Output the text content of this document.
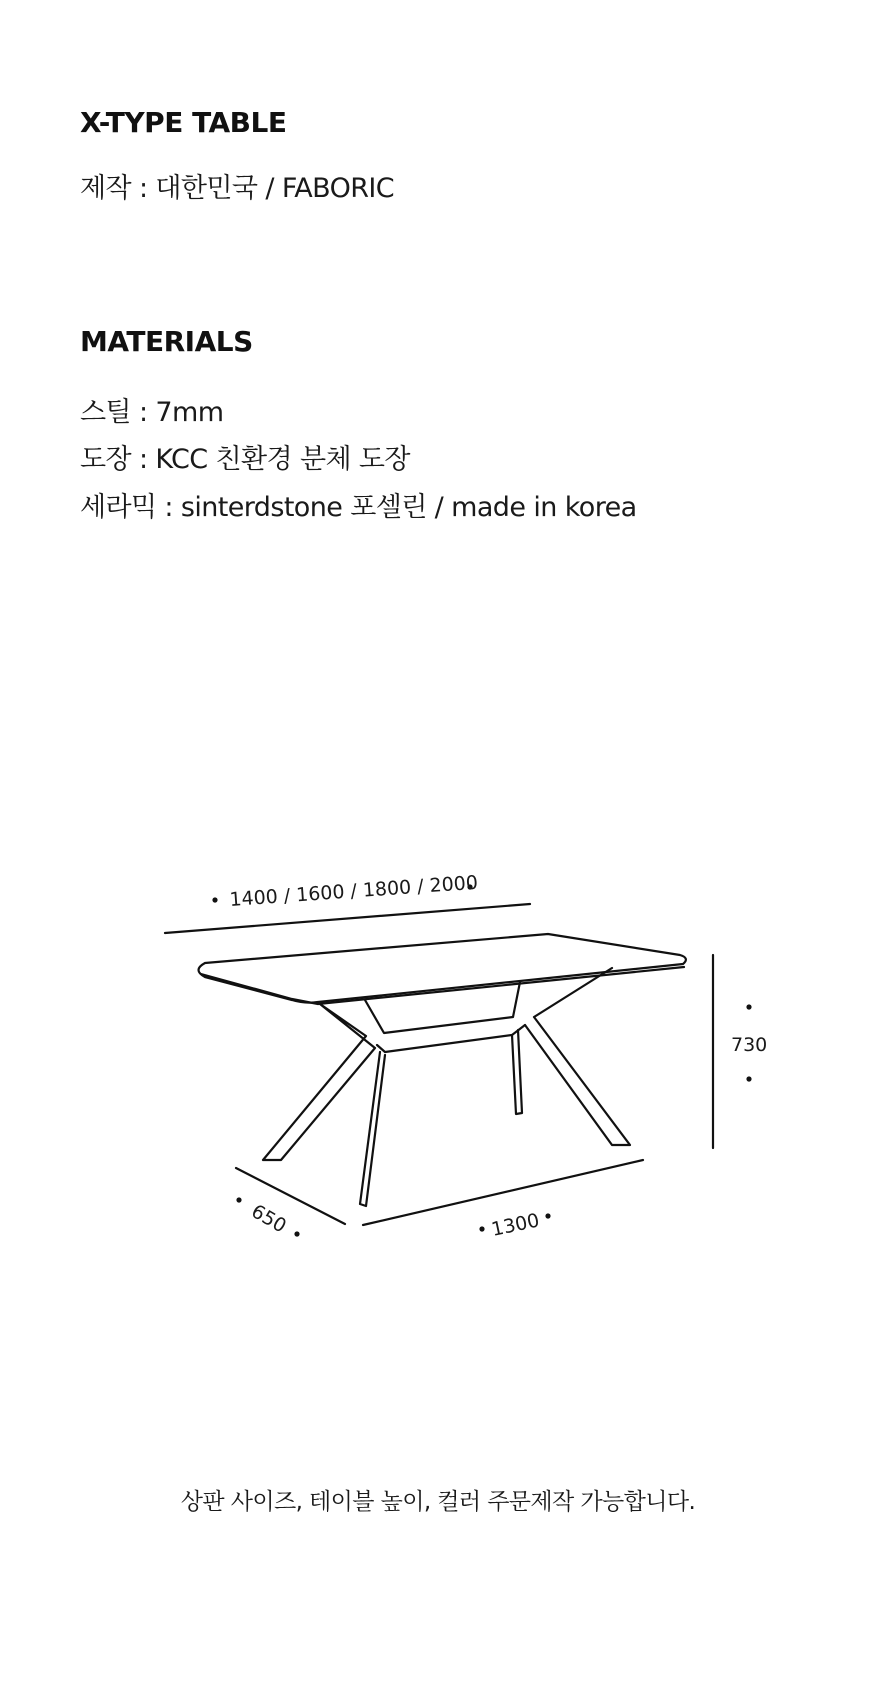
X-TYPE TABLE
제작 : 대한민국 / FABORIC
MATERIALS
스틸 : 7mm
도장 : KCC 친환경 분체 도장
세라믹 : sinterdstone 포셀린 / made in korea
1400 / 1600 / 1800 / 2000
730
650	1300
상판 사이즈, 테이블 높이, 컬러 주문제작 가능합니다.
